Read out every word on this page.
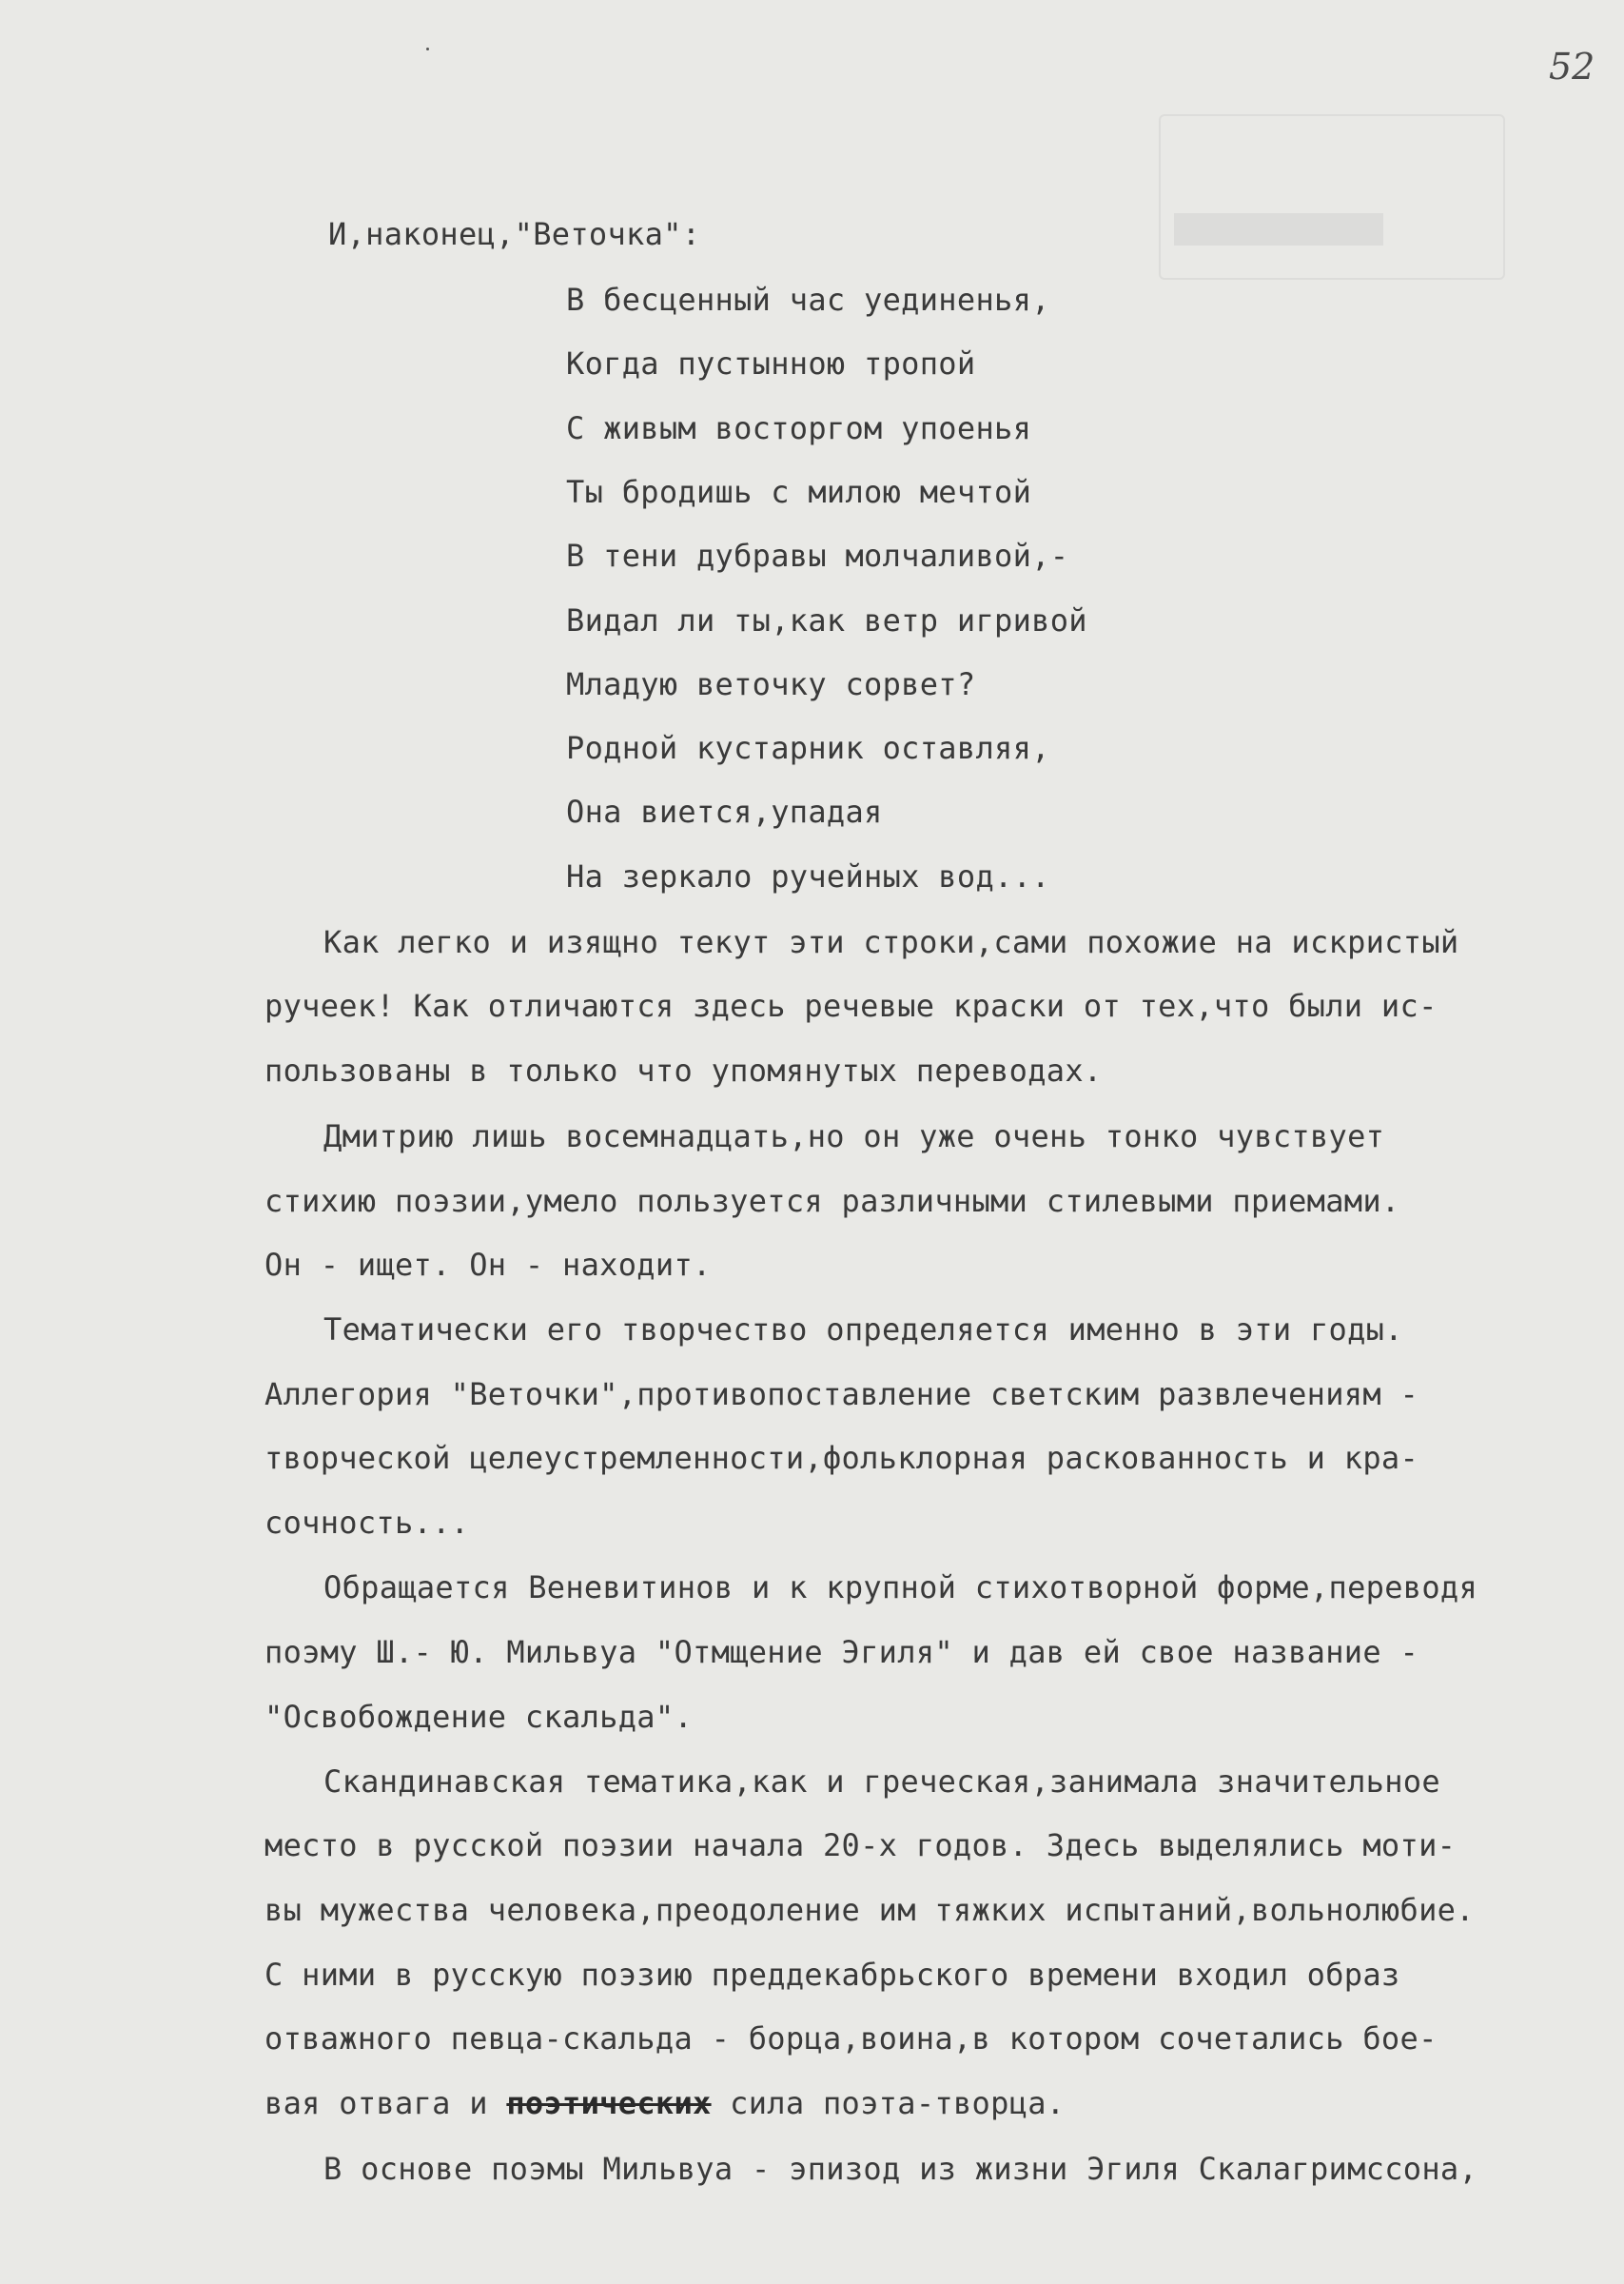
52
И,наконец,"Веточка":
В бесценный час уединенья,
Когда пустынною тропой
С живым восторгом упоенья
Ты бродишь с милою мечтой
В тени дубравы молчаливой,-
Видал ли ты,как ветр игривой
Младую веточку сорвет?
Родной кустарник оставляя,
Она виется,упадая
На зеркало ручейных вод...
Как легко и изящно текут эти строки,сами похожие на искристый
ручеек! Как отличаются здесь речевые краски от тех,что были ис-
пользованы в только что упомянутых переводах.
Дмитрию лишь восемнадцать,но он уже очень тонко чувствует
стихию поэзии,умело пользуется различными стилевыми приемами.
Он - ищет. Он - находит.
Тематически его творчество определяется именно в эти годы.
Аллегория "Веточки",противопоставление светским развлечениям -
творческой целеустремленности,фольклорная раскованность и кра-
сочность...
Обращается Веневитинов и к крупной стихотворной форме,переводя
поэму Ш.- Ю. Мильвуа "Отмщение Эгиля" и дав ей свое название -
"Освобождение скальда".
Скандинавская тематика,как и греческая,занимала значительное
место в русской поэзии начала 20-х годов. Здесь выделялись моти-
вы мужества человека,преодоление им тяжких испытаний,вольнолюбие.
С ними в русскую поэзию преддекабрьского времени входил образ
отважного певца-скальда - борца,воина,в котором сочетались бое-
вая отвага и поэтических сила поэта-творца.
В основе поэмы Мильвуа - эпизод из жизни Эгиля Скалагримссона,
